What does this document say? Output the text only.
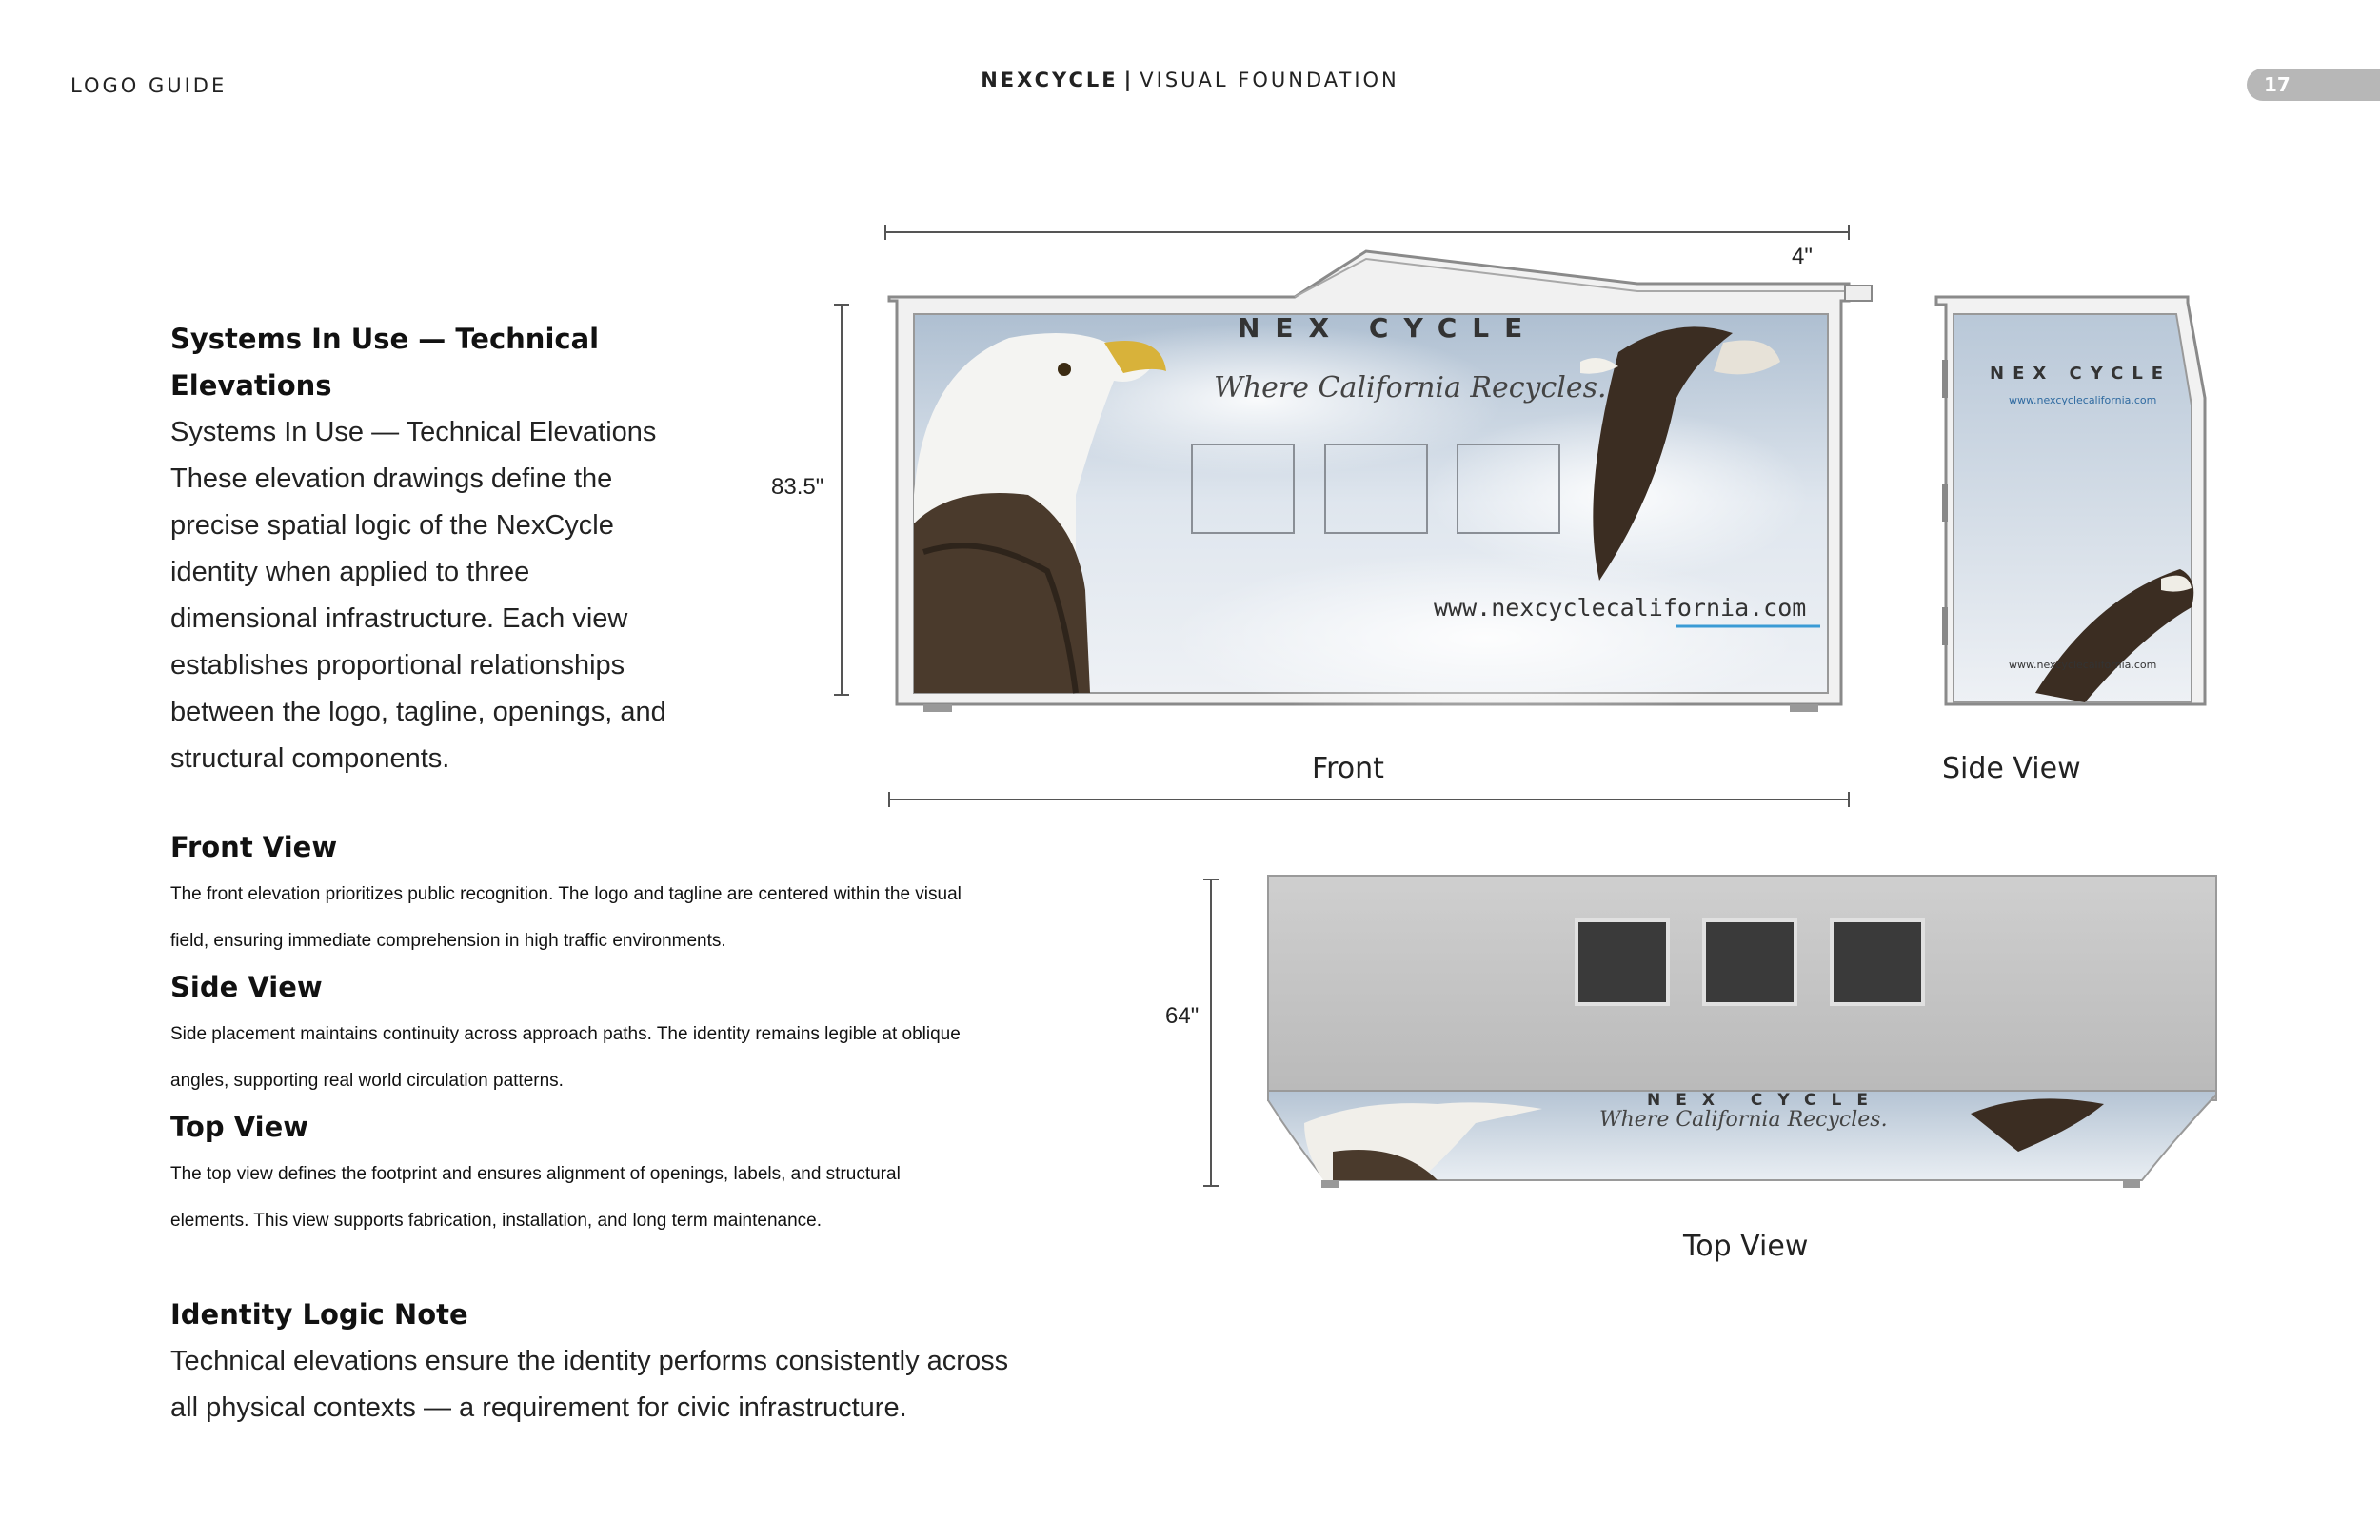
LOGO GUIDE	NEXCYCLE | VISUAL FOUNDATION	17
Systems In Use — Technical
Elevations
Systems In Use — Technical Elevations
These elevation drawings define the
precise spatial logic of the NexCycle
identity when applied to three
dimensional infrastructure. Each view
establishes proportional relationships
between the logo, tagline, openings, and
structural components.
Front View
The front elevation prioritizes public recognition. The logo and tagline are centered within the visual
field, ensuring immediate comprehension in high traffic environments.
Side View
Side placement maintains continuity across approach paths. The identity remains legible at oblique
angles, supporting real world circulation patterns.
Top View
The top view defines the footprint and ensures alignment of openings, labels, and structural
elements. This view supports fabrication, installation, and long term maintenance.
Identity Logic Note
Technical elevations ensure the identity performs consistently across
all physical contexts — a requirement for civic infrastructure.
4"
83.5"
NEX CYCLE
Where California Recycles.
www.nexcyclecalifornia.com
Front
NEX CYCLE
www.nexcyclecalifornia.com
www.nexcyclecalifornia.com
Side View
64"
NEX CYCLE
Where California Recycles.
Top View
